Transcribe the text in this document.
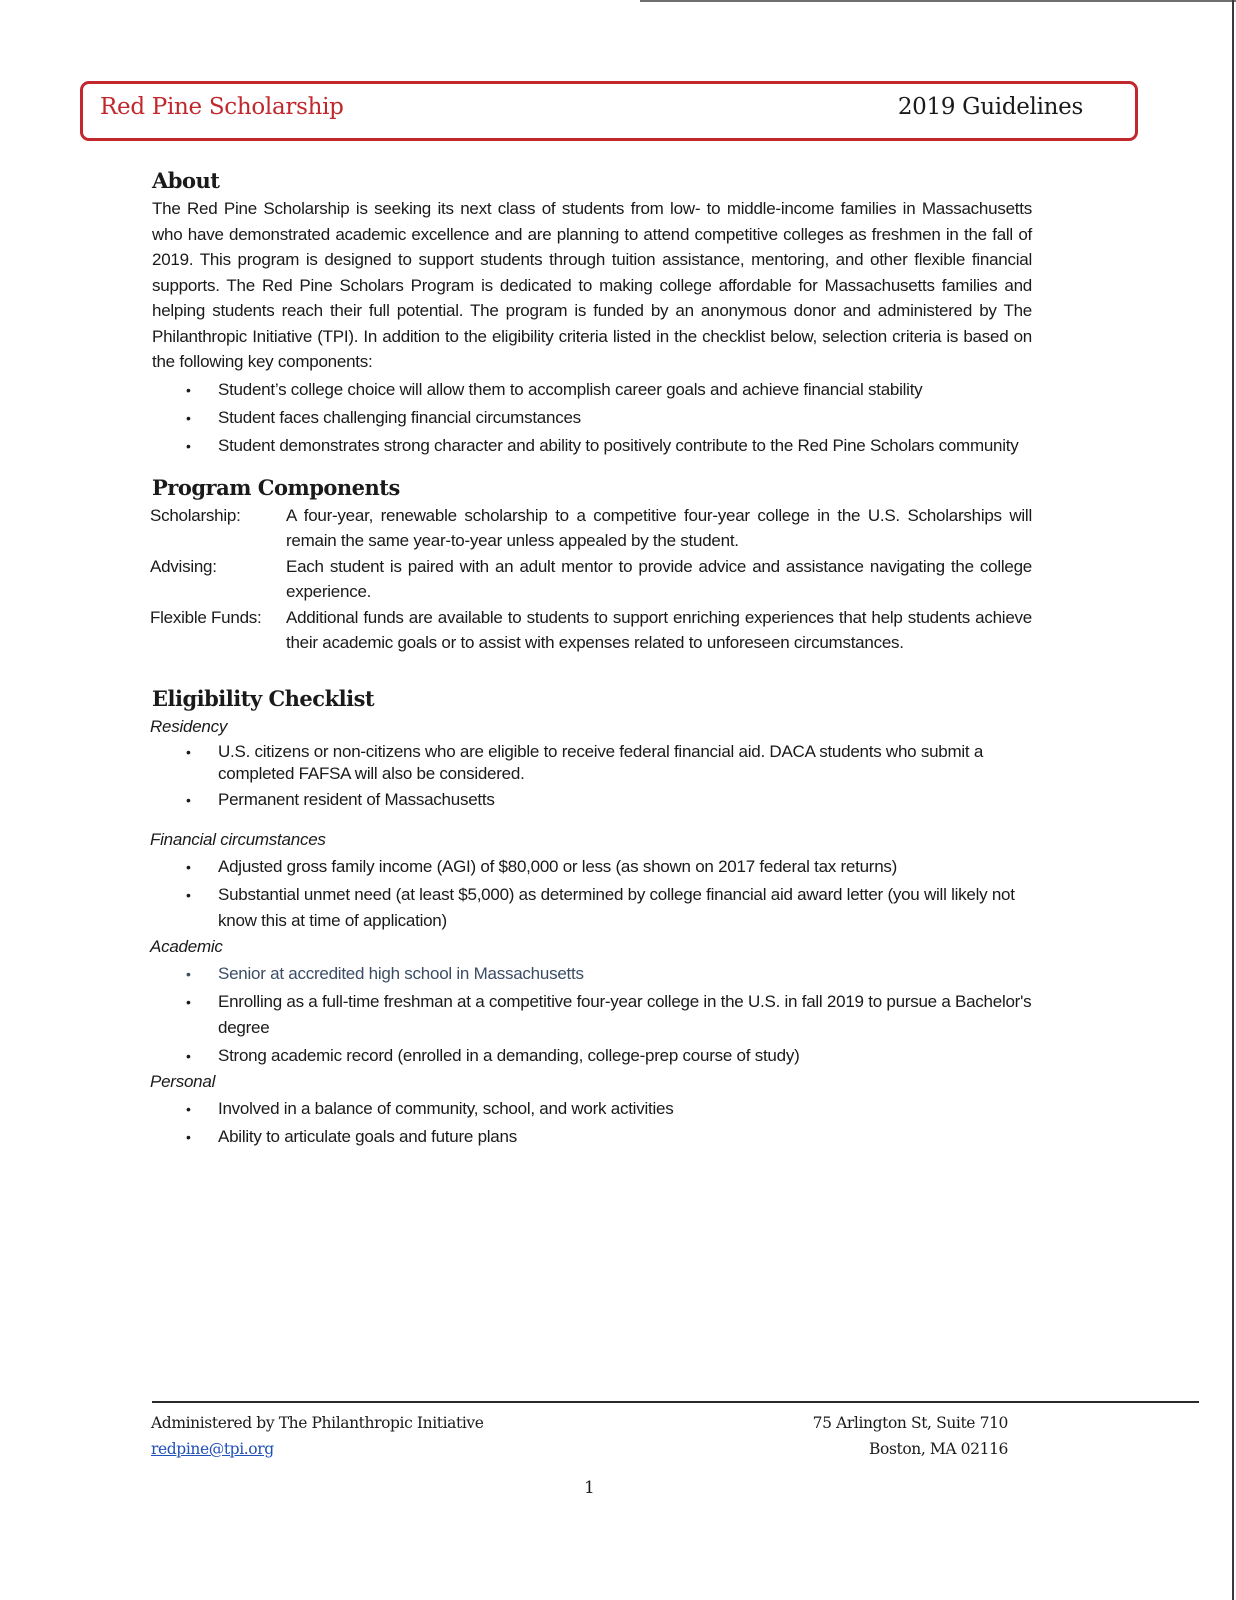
Red Pine Scholarship	2019 Guidelines
About

The Red Pine Scholarship is seeking its next class of students from low- to middle-income families in Massachusetts who have demonstrated academic excellence and are planning to attend competitive colleges as freshmen in the fall of 2019. This program is designed to support students through tuition assistance, mentoring, and other flexible financial supports. The Red Pine Scholars Program is dedicated to making college affordable for Massachusetts families and helping students reach their full potential. The program is funded by an anonymous donor and administered by The Philanthropic Initiative (TPI). In addition to the eligibility criteria listed in the checklist below, selection criteria is based on the following key components:

• Student’s college choice will allow them to accomplish career goals and achieve financial stability
• Student faces challenging financial circumstances
• Student demonstrates strong character and ability to positively contribute to the Red Pine Scholars community
Program Components
Scholarship:	A four-year, renewable scholarship to a competitive four-year college in the U.S. Scholarships will remain the same year-to-year unless appealed by the student.
Advising:	Each student is paired with an adult mentor to provide advice and assistance navigating the college experience.
Flexible Funds:	Additional funds are available to students to support enriching experiences that help students achieve their academic goals or to assist with expenses related to unforeseen circumstances.
Eligibility Checklist
Residency
• U.S. citizens or non-citizens who are eligible to receive federal financial aid. DACA students who submit a completed FAFSA will also be considered.
• Permanent resident of Massachusetts
Financial circumstances
• Adjusted gross family income (AGI) of $80,000 or less (as shown on 2017 federal tax returns)
• Substantial unmet need (at least $5,000) as determined by college financial aid award letter (you will likely not know this at time of application)
Academic
• Senior at accredited high school in Massachusetts
• Enrolling as a full-time freshman at a competitive four-year college in the U.S. in fall 2019 to pursue a Bachelor's degree
• Strong academic record (enrolled in a demanding, college-prep course of study)
Personal
• Involved in a balance of community, school, and work activities
• Ability to articulate goals and future plans
Administered by The Philanthropic Initiative
redpine@tpi.org
75 Arlington St, Suite 710
Boston, MA 02116
1
